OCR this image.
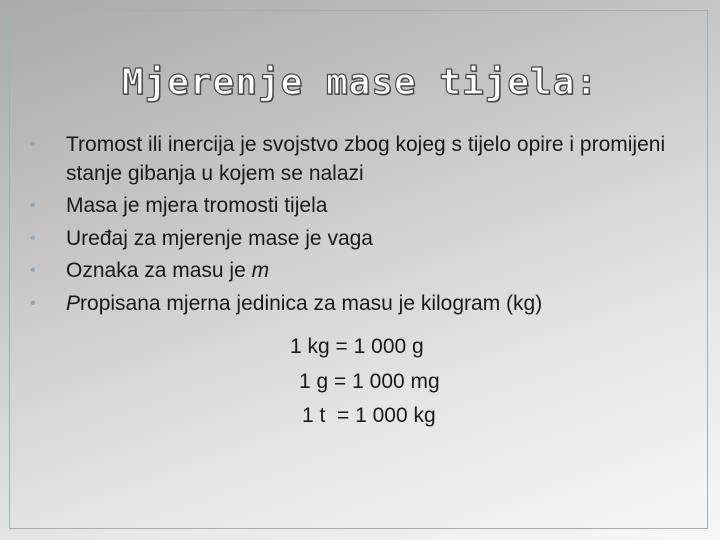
Mjerenje mase tijela:
• Tromost ili inercija je svojstvo zbog kojeg s tijelo opire i promijeni stanje gibanja u kojem se nalazi
• Masa je mjera tromosti tijela
• Uređaj za mjerenje mase je vaga
• Oznaka za masu je m
• Propisana mjerna jedinica za masu je kilogram (kg)
1 kg = 1 000 g
1 g = 1 000 mg
1 t  = 1 000 kg
